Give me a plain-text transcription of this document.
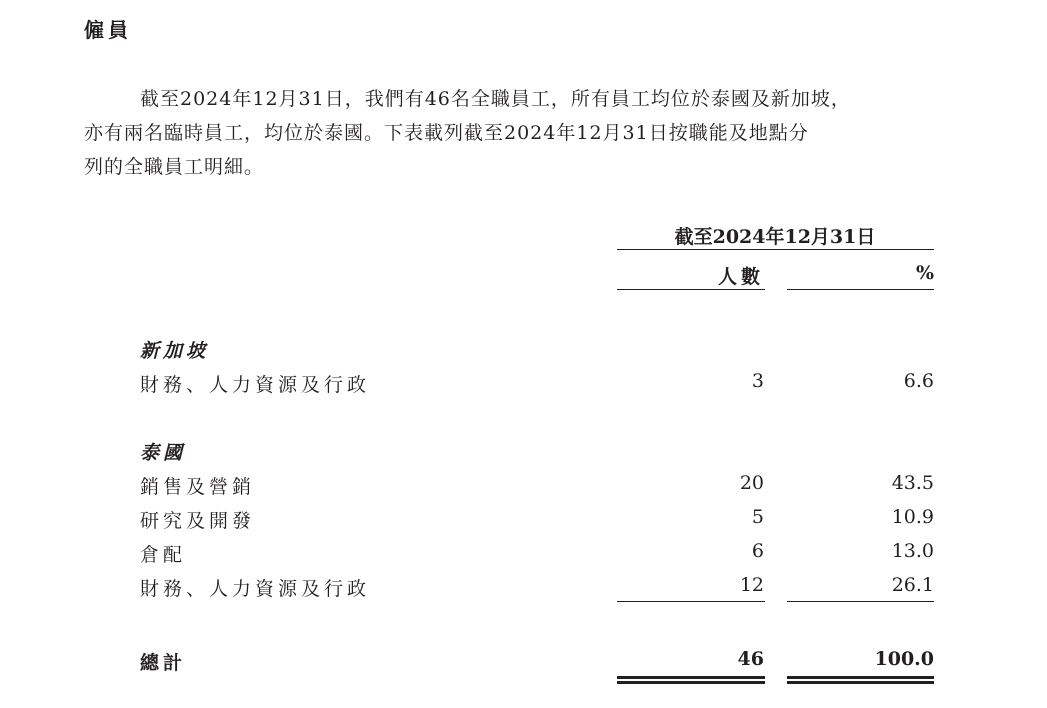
僱員

截至2024年12月31日，我們有46名全職員工，所有員工均位於泰國及新加坡，

亦有兩名臨時員工，均位於泰國。下表載列截至2024年12月31日按職能及地點分

列的全職員工明細。

截至2024年12月31日
人數	%
新加坡
財務、人力資源及行政	3	6.6
泰國
銷售及營銷	20	43.5
研究及開發	5	10.9
倉配	6	13.0
財務、人力資源及行政	12	26.1
總計	46	100.0
